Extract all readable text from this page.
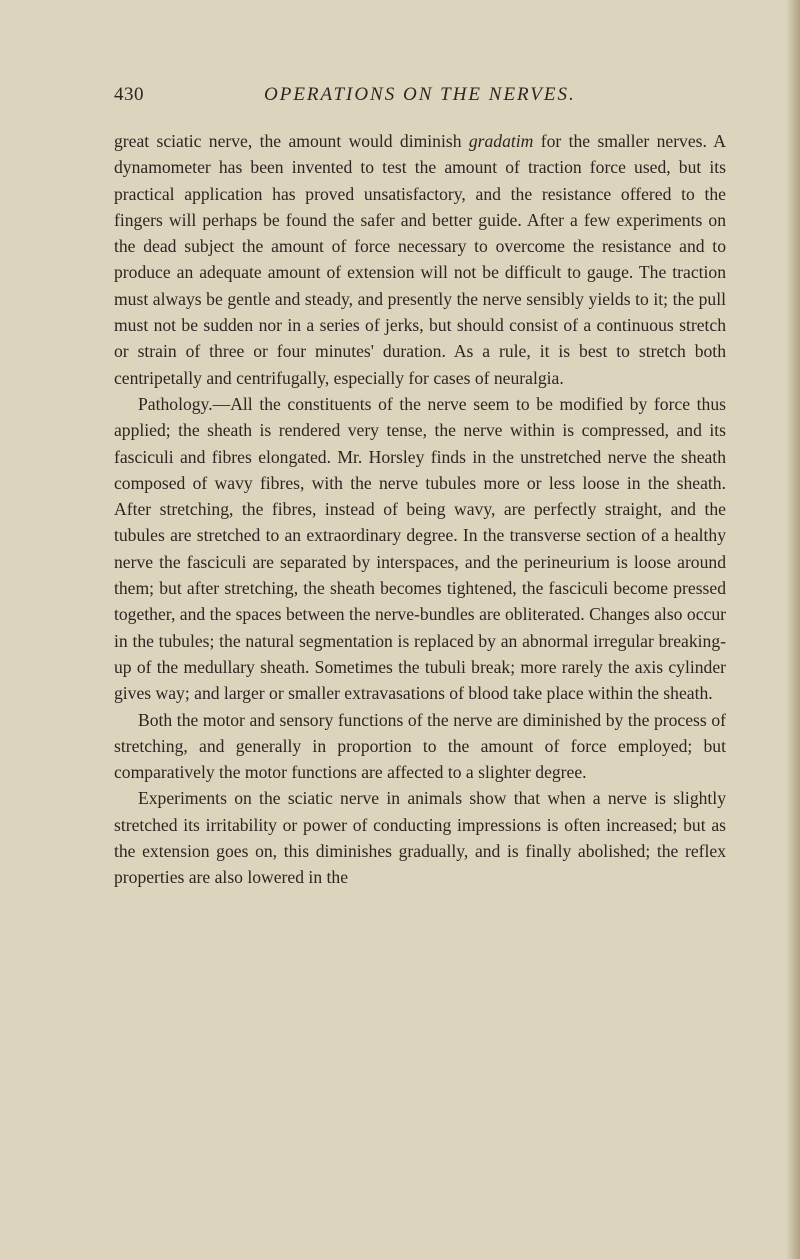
430	OPERATIONS ON THE NERVES.

great sciatic nerve, the amount would diminish gradatim for the smaller nerves. A dynamometer has been invented to test the amount of traction force used, but its practical application has proved unsatisfactory, and the resistance offered to the fingers will perhaps be found the safer and better guide. After a few experiments on the dead subject the amount of force necessary to overcome the resistance and to produce an adequate amount of extension will not be difficult to gauge. The traction must always be gentle and steady, and presently the nerve sensibly yields to it; the pull must not be sudden nor in a series of jerks, but should consist of a continuous stretch or strain of three or four minutes' duration. As a rule, it is best to stretch both centripetally and centrifugally, especially for cases of neuralgia.

Pathology.—All the constituents of the nerve seem to be modified by force thus applied; the sheath is rendered very tense, the nerve within is compressed, and its fasciculi and fibres elongated. Mr. Horsley finds in the unstretched nerve the sheath composed of wavy fibres, with the nerve tubules more or less loose in the sheath. After stretching, the fibres, instead of being wavy, are perfectly straight, and the tubules are stretched to an extraordinary degree. In the transverse section of a healthy nerve the fasciculi are separated by interspaces, and the perineurium is loose around them; but after stretching, the sheath becomes tightened, the fasciculi become pressed together, and the spaces between the nerve-bundles are obliterated. Changes also occur in the tubules; the natural segmentation is replaced by an abnormal irregular breaking-up of the medullary sheath. Sometimes the tubuli break; more rarely the axis cylinder gives way; and larger or smaller extravasations of blood take place within the sheath.

Both the motor and sensory functions of the nerve are diminished by the process of stretching, and generally in proportion to the amount of force employed; but comparatively the motor functions are affected to a slighter degree.

Experiments on the sciatic nerve in animals show that when a nerve is slightly stretched its irritability or power of conducting impressions is often increased; but as the extension goes on, this diminishes gradually, and is finally abolished; the reflex properties are also lowered in the
